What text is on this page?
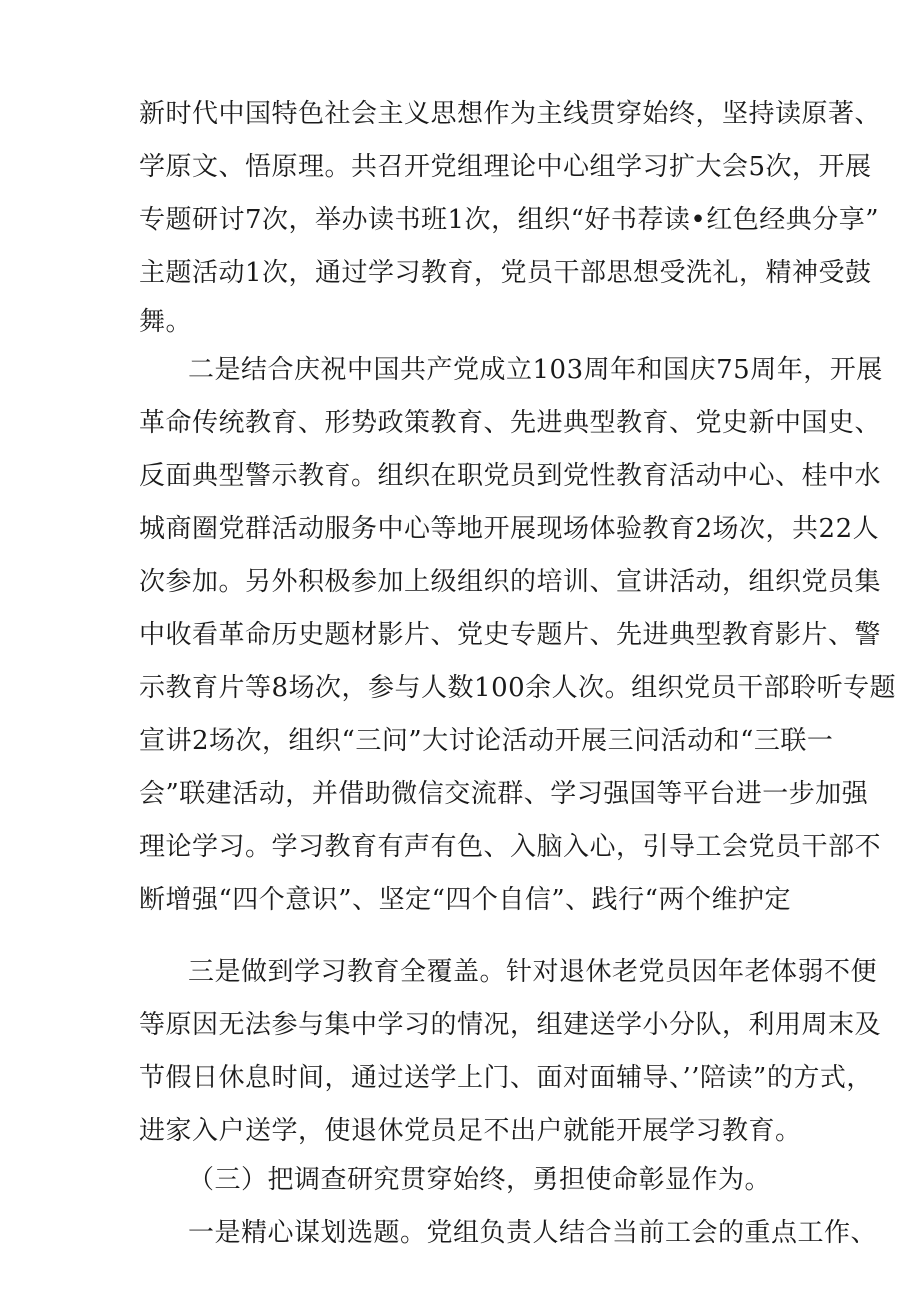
新时代中国特色社会主义思想作为主线贯穿始终，坚持读原著、
学原文、悟原理。共召开党组理论中心组学习扩大会5次，开展
专题研讨7次，举办读书班1次，组织“好书荐读•红色经典分享”
主题活动1次，通过学习教育，党员干部思想受洗礼，精神受鼓
舞。
二是结合庆祝中国共产党成立103周年和国庆75周年，开展
革命传统教育、形势政策教育、先进典型教育、党史新中国史、
反面典型警示教育。组织在职党员到党性教育活动中心、桂中水
城商圈党群活动服务中心等地开展现场体验教育2场次，共22人
次参加。另外积极参加上级组织的培训、宣讲活动，组织党员集
中收看革命历史题材影片、党史专题片、先进典型教育影片、警
示教育片等8场次，参与人数100余人次。组织党员干部聆听专题
宣讲2场次，组织“三问”大讨论活动开展三问活动和“三联一
会”联建活动，并借助微信交流群、学习强国等平台进一步加强
理论学习。学习教育有声有色、入脑入心，引导工会党员干部不
断增强“四个意识”、坚定“四个自信”、践行“两个维护定
三是做到学习教育全覆盖。针对退休老党员因年老体弱不便
等原因无法参与集中学习的情况，组建送学小分队，利用周末及
节假日休息时间，通过送学上门、面对面辅导、’’陪读”的方式，
进家入户送学，使退休党员足不出户就能开展学习教育。
（三）把调查研究贯穿始终，勇担使命彰显作为。
一是精心谋划选题。党组负责人结合当前工会的重点工作、
